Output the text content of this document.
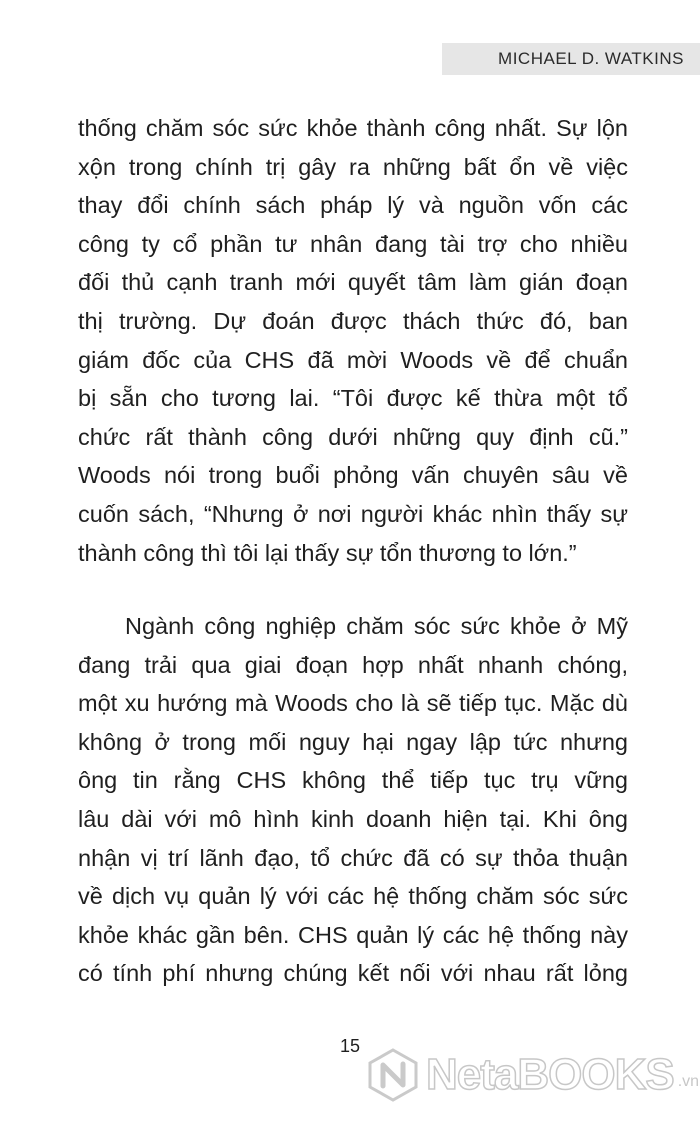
MICHAEL D. WATKINS
thống chăm sóc sức khỏe thành công nhất. Sự lộn
xộn trong chính trị gây ra những bất ổn về việc
thay đổi chính sách pháp lý và nguồn vốn các
công ty cổ phần tư nhân đang tài trợ cho nhiều
đối thủ cạnh tranh mới quyết tâm làm gián đoạn
thị trường. Dự đoán được thách thức đó, ban
giám đốc của CHS đã mời Woods về để chuẩn
bị sẵn cho tương lai. “Tôi được kế thừa một tổ
chức rất thành công dưới những quy định cũ.”
Woods nói trong buổi phỏng vấn chuyên sâu về
cuốn sách, “Nhưng ở nơi người khác nhìn thấy sự
thành công thì tôi lại thấy sự tổn thương to lớn.”
Ngành công nghiệp chăm sóc sức khỏe ở Mỹ
đang trải qua giai đoạn hợp nhất nhanh chóng,
một xu hướng mà Woods cho là sẽ tiếp tục. Mặc dù
không ở trong mối nguy hại ngay lập tức nhưng
ông tin rằng CHS không thể tiếp tục trụ vững
lâu dài với mô hình kinh doanh hiện tại. Khi ông
nhận vị trí lãnh đạo, tổ chức đã có sự thỏa thuận
về dịch vụ quản lý với các hệ thống chăm sóc sức
khỏe khác gần bên. CHS quản lý các hệ thống này
có tính phí nhưng chúng kết nối với nhau rất lỏng
15
NetaBOOKS .vn
